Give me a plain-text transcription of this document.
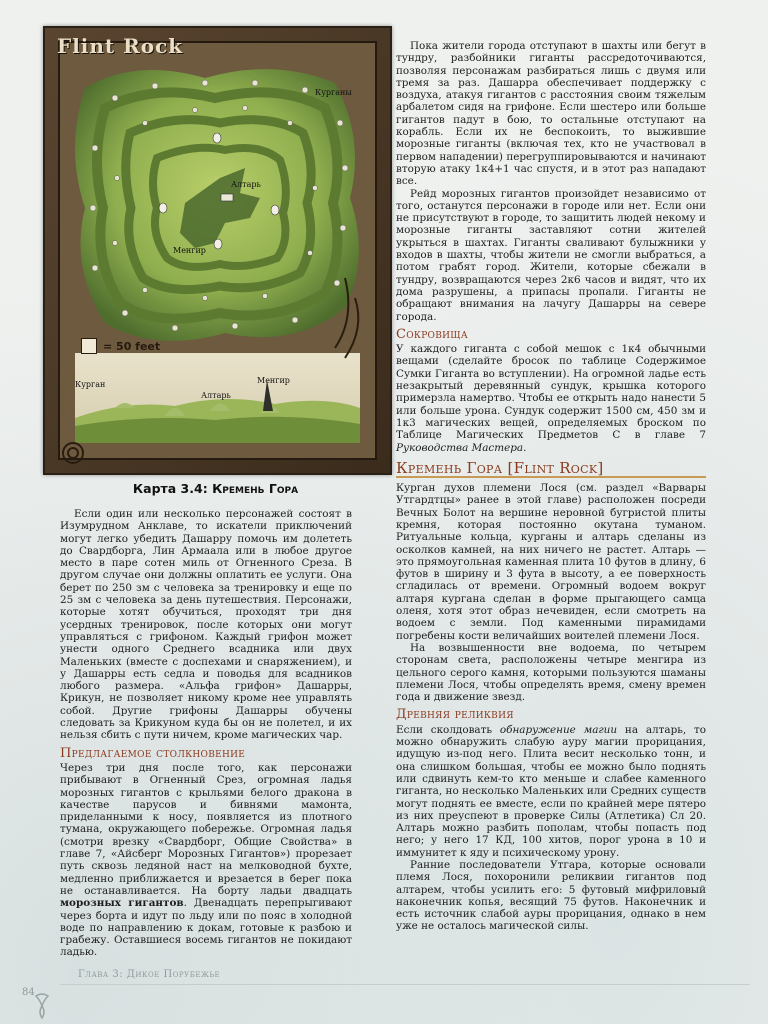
Flint Rock
= 50 feet
Курганы
Алтарь
Менгир
Курган
Алтарь
Менгир
Карта 3.4: Кремень Гора

Если один или несколько персонажей состоят в Изумрудном Анклаве, то искатели приключений могут легко убедить Дашарру помочь им долететь до Свардборга, Лин Армаала или в любое другое место в паре сотен миль от Огненного Среза. В другом случае они должны оплатить ее услуги. Она берет по 250 зм с человека за тренировку и еще по 25 зм с человека за день путешествия. Персонажи, которые хотят обучиться, проходят три дня усердных тренировок, после которых они могут управляться с грифоном. Каждый грифон может унести одного Среднего всадника или двух Маленьких (вместе с доспехами и снаряжением), и у Дашарры есть седла и поводья для всадников любого размера. «Альфа грифон» Дашарры, Крикун, не позволяет никому кроме нее управлять собой. Другие грифоны Дашарры обучены следовать за Крикуном куда бы он не полетел, и их нельзя сбить с пути ничем, кроме магических чар.

Предлагаемое столкновение

Через три дня после того, как персонажи прибывают в Огненный Срез, огромная ладья морозных гигантов с крыльями белого дракона в качестве парусов и бивнями мамонта, приделанными к носу, появляется из плотного тумана, окружающего побережье. Огромная ладья (смотри врезку «Свардборг, Общие Свойства» в главе 7, «Айсберг Морозных Гигантов») прорезает путь сквозь ледяной наст на мелководной бухте, медленно приближается и врезается в берег пока не останавливается. На борту ладьи двадцать морозных гигантов. Двенадцать перепрыгивают через борта и идут по льду или по пояс в холодной воде по направлению к докам, готовые к разбою и грабежу. Оставшиеся восемь гигантов не покидают ладью.

Пока жители города отступают в шахты или бегут в тундру, разбойники гиганты рассредоточиваются, позволяя персонажам разбираться лишь с двумя или тремя за раз. Дашарра обеспечивает поддержку с воздуха, атакуя гигантов с расстояния своим тяжелым арбалетом сидя на грифоне. Если шестеро или больше гигантов падут в бою, то остальные отступают на корабль. Если их не беспокоить, то выжившие морозные гиганты (включая тех, кто не участвовал в первом нападении) перегруппировываются и начинают вторую атаку 1к4+1 час спустя, и в этот раз нападают все.

Рейд морозных гигантов произойдет независимо от того, останутся персонажи в городе или нет. Если они не присутствуют в городе, то защитить людей некому и морозные гиганты заставляют сотни жителей укрыться в шахтах. Гиганты сваливают булыжники у входов в шахты, чтобы жители не смогли выбраться, а потом грабят город. Жители, которые сбежали в тундру, возвращаются через 2к6 часов и видят, что их дома разрушены, а припасы пропали. Гиганты не обращают внимания на лачугу Дашарры на севере города.

Сокровища

У каждого гиганта с собой мешок с 1к4 обычными вещами (сделайте бросок по таблице Содержимое Сумки Гиганта во вступлении). На огромной ладье есть незакрытый деревянный сундук, крышка которого примерзла намертво. Чтобы ее открыть надо нанести 5 или больше урона. Сундук содержит 1500 см, 450 зм и 1к3 магических вещей, определяемых броском по Таблице Магических Предметов С в главе 7 Руководства Мастера.

Кремень Гора [Flint Rock]

Курган духов племени Лося (см. раздел «Варвары Утгардтцы» ранее в этой главе) расположен посреди Вечных Болот на вершине неровной бугристой плиты кремня, которая постоянно окутана туманом. Ритуальные кольца, курганы и алтарь сделаны из осколков камней, на них ничего не растет. Алтарь — это прямоугольная каменная плита 10 футов в длину, 6 футов в ширину и 3 фута в высоту, а ее поверхность сгладилась от времени. Огромный водоем вокруг алтаря кургана сделан в форме прыгающего самца оленя, хотя этот образ нечевиден, если смотреть на водоем с земли. Под каменными пирамидами погребены кости величайших воителей племени Лося.

На возвышенности вне водоема, по четырем сторонам света, расположены четыре менгира из цельного серого камня, которыми пользуются шаманы племени Лося, чтобы определять время, смену времен года и движение звезд.

Древняя реликвия

Если сколдовать обнаружение магии на алтарь, то можно обнаружить слабую ауру магии прорицания, идущую из-под него. Плита весит несколько тонн, и она слишком большая, чтобы ее можно было поднять или сдвинуть кем-то кто меньше и слабее каменного гиганта, но несколько Маленьких или Средних существ могут поднять ее вместе, если по крайней мере пятеро из них преуспеют в проверке Силы (Атлетика) Сл 20. Алтарь можно разбить пополам, чтобы попасть под него; у него 17 КД, 100 хитов, порог урона в 10 и иммунитет к яду и психическому урону.

Ранние последователи Утгара, которые основали племя Лося, похоронили реликвии гигантов под алтарем, чтобы усилить его: 5 футовый мифриловый наконечник копья, весящий 75 футов. Наконечник и есть источник слабой ауры прорицания, однако в нем уже не осталось магической силы.

Глава 3: Дикое Порубежье
84
